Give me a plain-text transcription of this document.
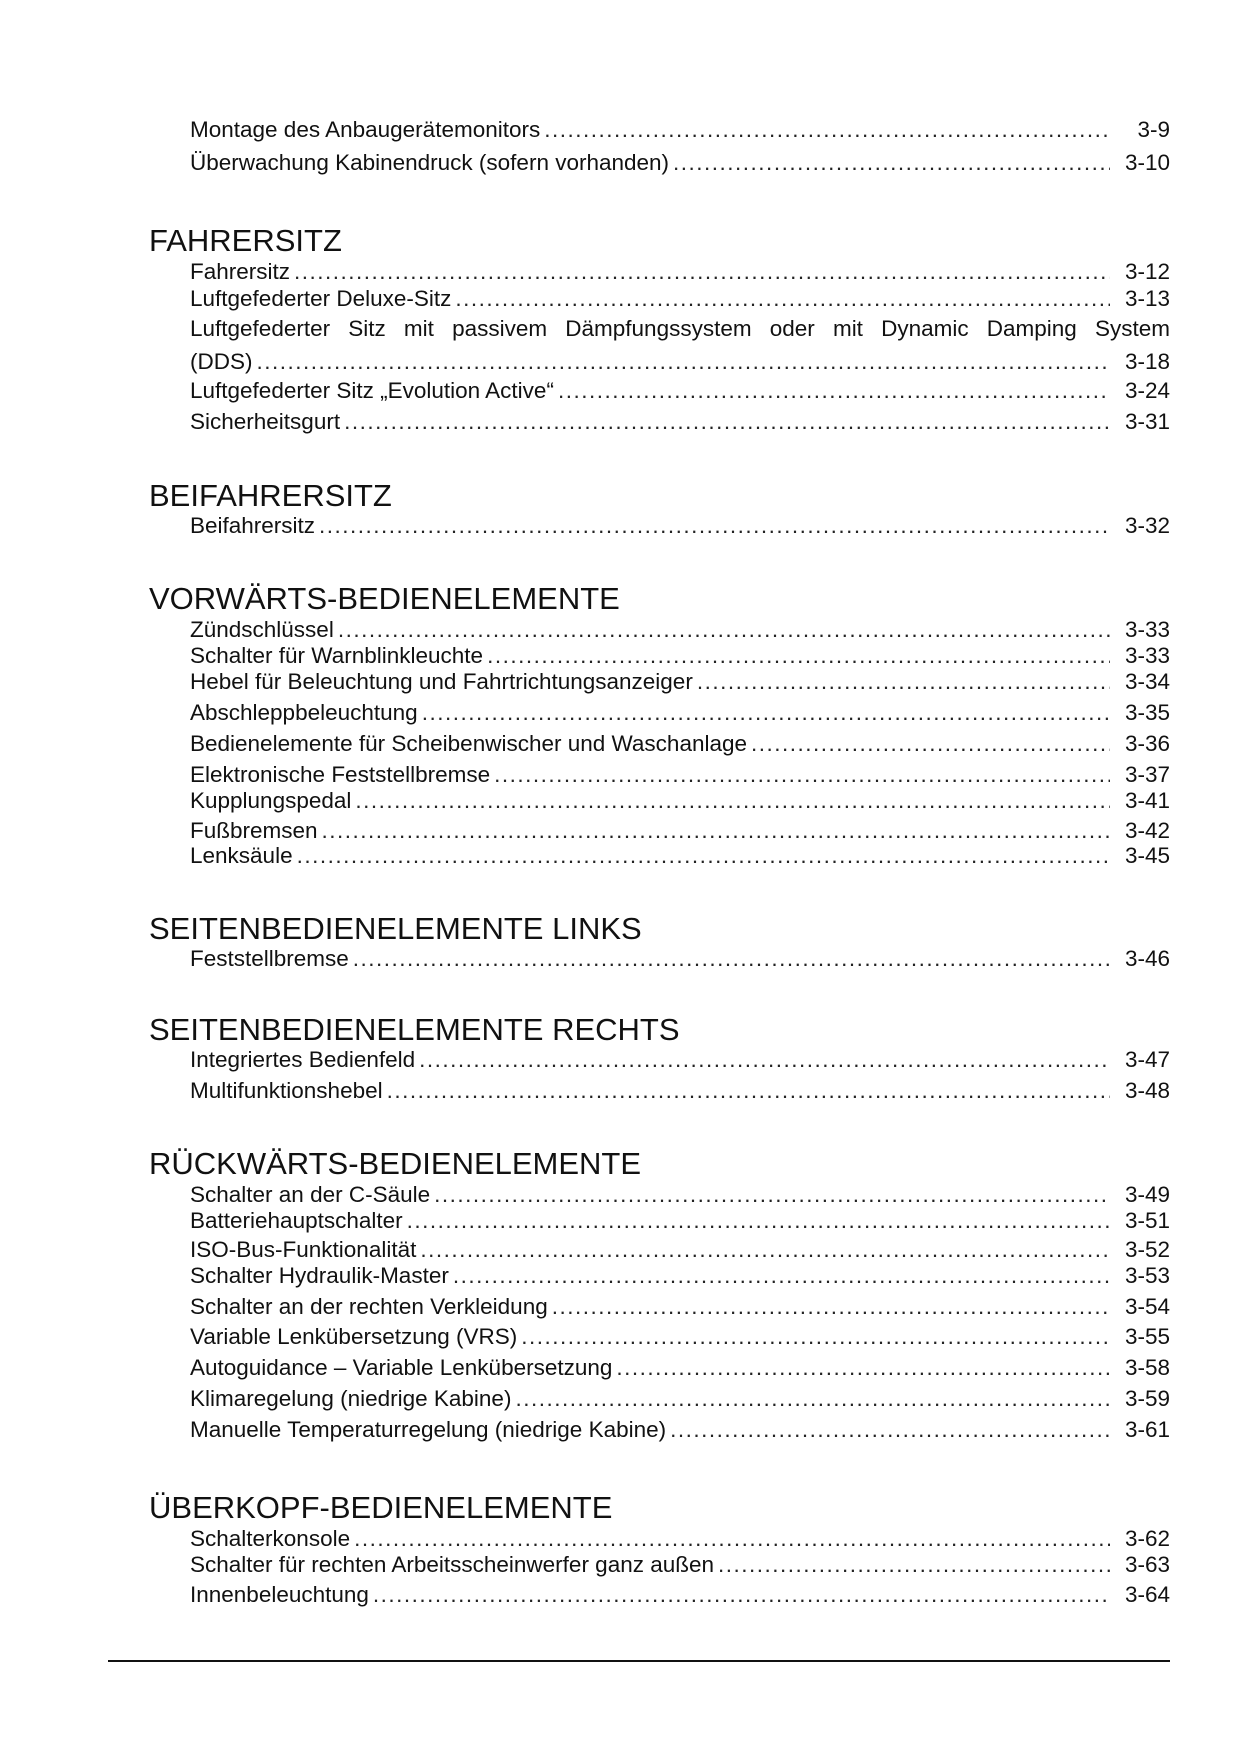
Montage des Anbaugerätemonitors .....	3-9
Überwachung Kabinendruck (sofern vorhanden) .....	3-10
FAHRERSITZ
Fahrersitz .....	3-12
Luftgefederter Deluxe-Sitz .....	3-13
Luftgefederter Sitz mit passivem Dämpfungssystem oder mit Dynamic Damping System
(DDS) .....	3-18
Luftgefederter Sitz „Evolution Active“ .....	3-24
Sicherheitsgurt .....	3-31
BEIFAHRERSITZ
Beifahrersitz .....	3-32
VORWÄRTS-BEDIENELEMENTE
Zündschlüssel .....	3-33
Schalter für Warnblinkleuchte .....	3-33
Hebel für Beleuchtung und Fahrtrichtungsanzeiger .....	3-34
Abschleppbeleuchtung .....	3-35
Bedienelemente für Scheibenwischer und Waschanlage .....	3-36
Elektronische Feststellbremse .....	3-37
Kupplungspedal .....	3-41
Fußbremsen .....	3-42
Lenksäule .....	3-45
SEITENBEDIENELEMENTE LINKS
Feststellbremse .....	3-46
SEITENBEDIENELEMENTE RECHTS
Integriertes Bedienfeld .....	3-47
Multifunktionshebel .....	3-48
RÜCKWÄRTS-BEDIENELEMENTE
Schalter an der C-Säule .....	3-49
Batteriehauptschalter .....	3-51
ISO-Bus-Funktionalität .....	3-52
Schalter Hydraulik-Master .....	3-53
Schalter an der rechten Verkleidung .....	3-54
Variable Lenkübersetzung (VRS) .....	3-55
Autoguidance – Variable Lenkübersetzung .....	3-58
Klimaregelung (niedrige Kabine) .....	3-59
Manuelle Temperaturregelung (niedrige Kabine) .....	3-61
ÜBERKOPF-BEDIENELEMENTE
Schalterkonsole .....	3-62
Schalter für rechten Arbeitsscheinwerfer ganz außen .....	3-63
Innenbeleuchtung .....	3-64
